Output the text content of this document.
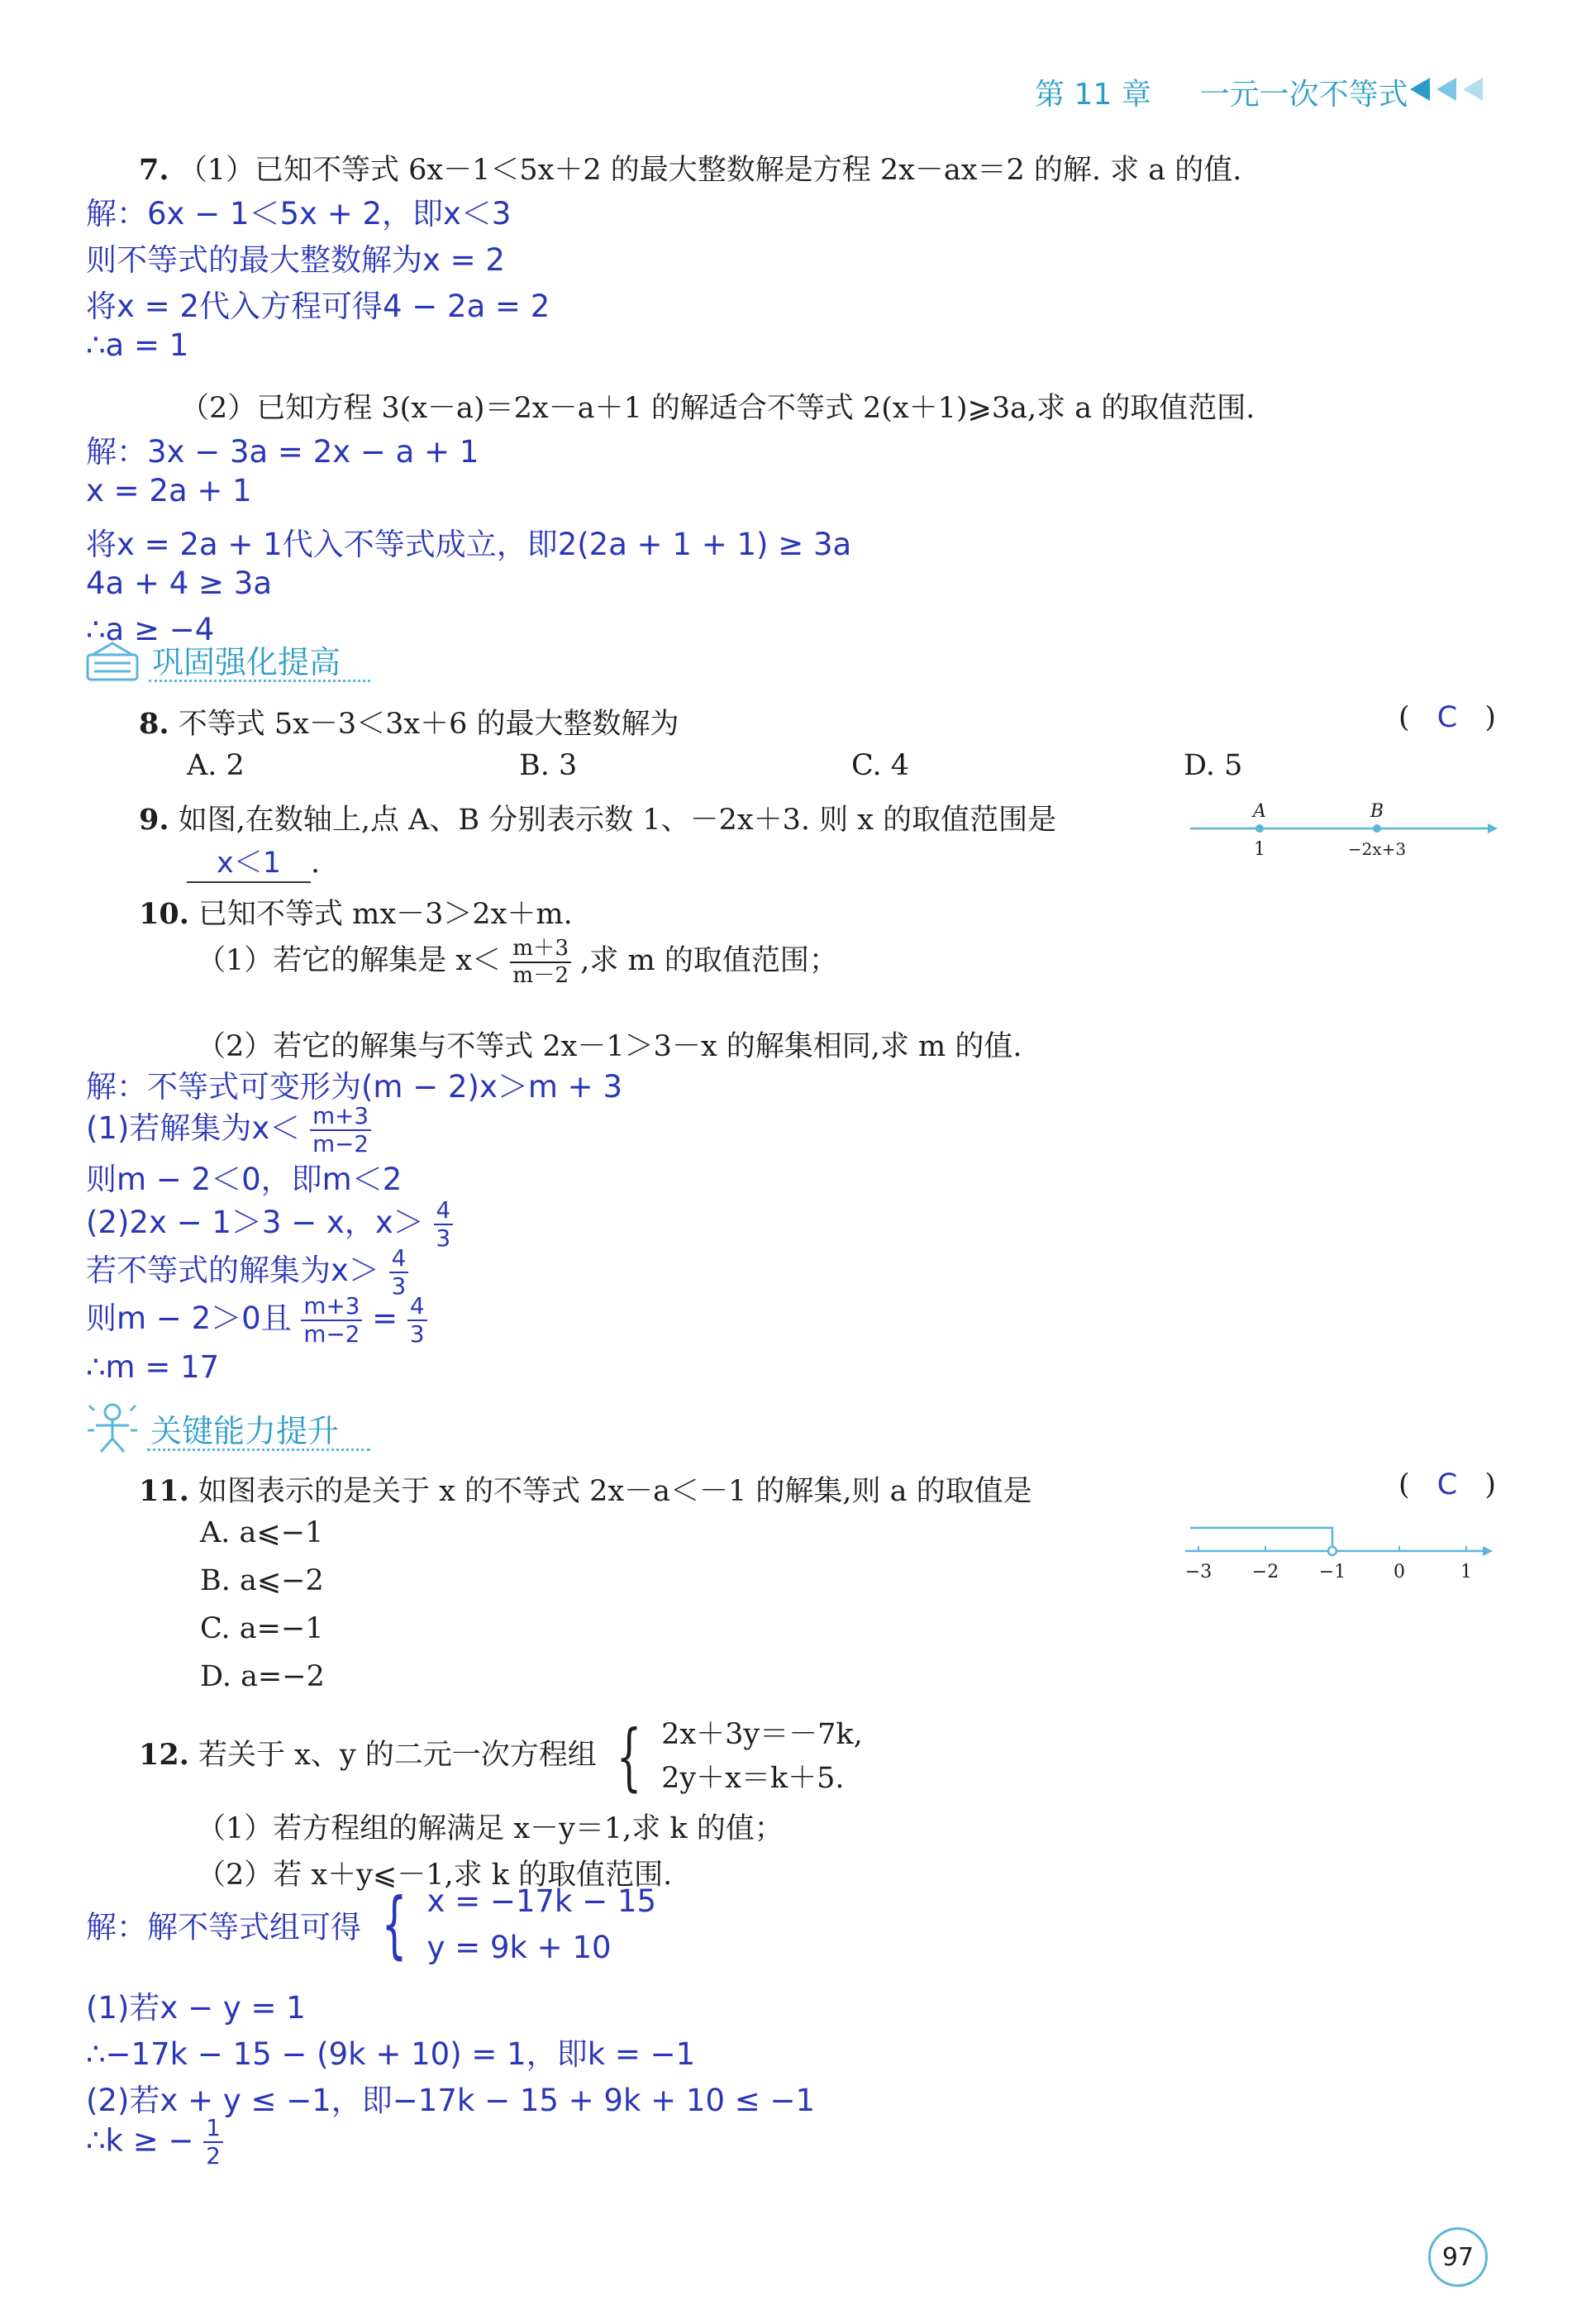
第 11 章 一元一次不等式
7. （1）已知不等式 6x－1＜5x＋2 的最大整数解是方程 2x－ax＝2 的解. 求 a 的值.
解：6x − 1＜5x + 2，即x＜3
则不等式的最大整数解为x = 2
将x = 2代入方程可得4 − 2a = 2
∴a = 1
（2）已知方程 3(x－a)＝2x－a＋1 的解适合不等式 2(x＋1)⩾3a,求 a 的取值范围.
解：3x − 3a = 2x − a + 1
x = 2a + 1
将x = 2a + 1代入不等式成立，即2(2a + 1 + 1) ≥ 3a
4a + 4 ≥ 3a
∴a ≥ −4
巩固强化提高
8. 不等式 5x－3＜3x＋6 的最大整数解为	( C )
A. 2	B. 3	C. 4	D. 5
9. 如图,在数轴上,点 A、B 分别表示数 1、－2x＋3. 则 x 的取值范围是
x＜1 .
A	B
1	−2x+3
10. 已知不等式 mx－3＞2x＋m.
（1）若它的解集是 $x< \frac{m+3}{m-2}$ ,求 m 的取值范围；
（2）若它的解集与不等式 2x－1＞3－x 的解集相同,求 m 的值.
解：不等式可变形为(m − 2)x＞m + 3
(1)若解集为$x< \frac{m+3}{m-2}$
则m − 2＜0，即m＜2
(2)2x − 1＞3 − x，$x> \frac{4}{3}$
若不等式的解集为$x> \frac{4}{3}$
则m − 2＞0且 $\frac{m+3}{m-2} = \frac{4}{3}$
∴m = 17
关键能力提升
11. 如图表示的是关于 x 的不等式 2x－a＜－1 的解集,则 a 的取值是	( C )
A. a⩽−1
B. a⩽−2
C. a=−1
D. a=−2
−3 −2 −1	0	1
12. 若关于 x、y 的二元一次方程组 { 2x＋3y＝－7k,
2y＋x＝k＋5.
（1）若方程组的解满足 x－y＝1,求 k 的值；
（2）若 x＋y⩽－1,求 k 的取值范围.
解：解不等式组可得 { x = −17k − 15
y = 9k + 10
(1)若x − y = 1
∴−17k − 15 − (9k + 10) = 1，即k = −1
(2)若x + y ≤ −1，即−17k − 15 + 9k + 10 ≤ −1
∴k ≥ − $\frac{1}{2}$
97
